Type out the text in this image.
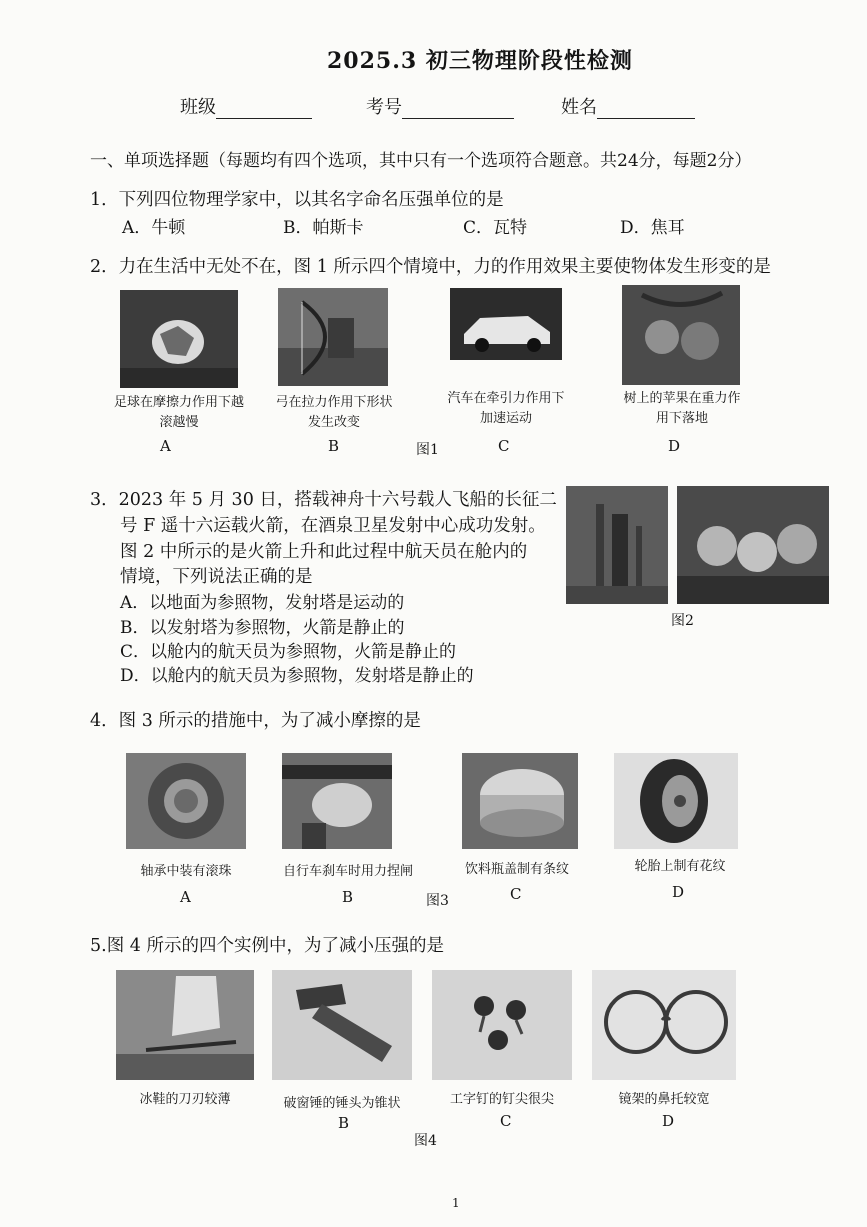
2025.3 初三物理阶段性检测
班级	考号	姓名
一、单项选择题（每题均有四个选项，其中只有一个选项符合题意。共24分，每题2分）
1．下列四位物理学家中，以其名字命名压强单位的是
A．牛顿	B．帕斯卡	C．瓦特	D．焦耳
2．力在生活中无处不在，图 1 所示四个情境中，力的作用效果主要使物体发生形变的是
足球在摩擦力作用下越滚越慢
弓在拉力作用下形状发生改变
汽车在牵引力作用下加速运动
树上的苹果在重力作用下落地
A	B	图1	C	D
3．2023 年 5 月 30 日，搭载神舟十六号载人飞船的长征二
号 F 遥十六运载火箭，在酒泉卫星发射中心成功发射。
图 2 中所示的是火箭上升和此过程中航天员在舱内的
情境，下列说法正确的是
A．以地面为参照物，发射塔是运动的
B．以发射塔为参照物，火箭是静止的
C．以舱内的航天员为参照物，火箭是静止的
D．以舱内的航天员为参照物，发射塔是静止的
图2
4．图 3 所示的措施中，为了减小摩擦的是
轴承中装有滚珠	自行车刹车时用力捏闸	饮料瓶盖制有条纹	轮胎上制有花纹
A	B	图3	C	D
5.图 4 所示的四个实例中，为了减小压强的是
冰鞋的刀刃较薄	破窗锤的锤头为锥状	工字钉的钉尖很尖	镜架的鼻托较宽
B	C	D
图4
1
